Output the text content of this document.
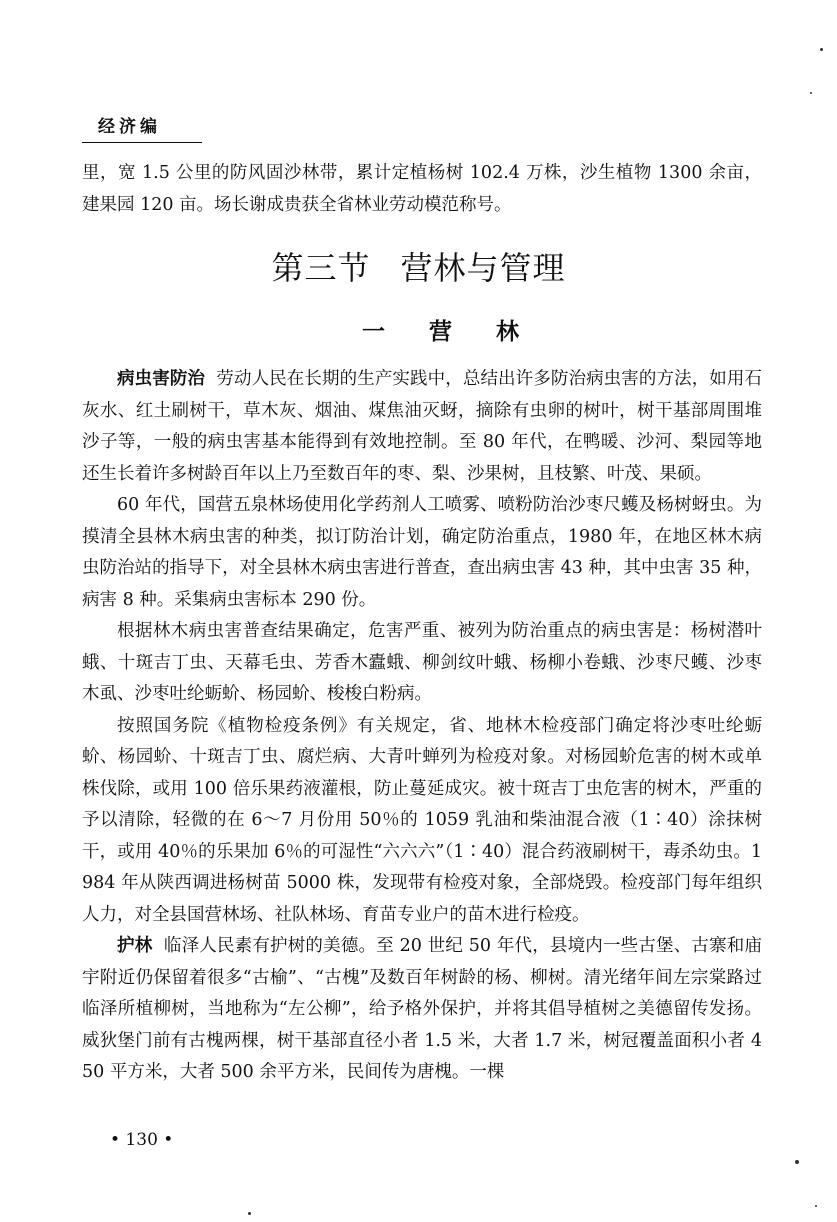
经济编

里，宽 1.5 公里的防风固沙林带，累计定植杨树 102.4 万株，沙生植物 1300 余亩，建果园 120 亩。场长谢成贵获全省林业劳动模范称号。

第三节 营林与管理
一营林

病虫害防治 劳动人民在长期的生产实践中，总结出许多防治病虫害的方法，如用石灰水、红土刷树干，草木灰、烟油、煤焦油灭蚜，摘除有虫卵的树叶，树干基部周围堆沙子等，一般的病虫害基本能得到有效地控制。至 80 年代，在鸭暖、沙河、梨园等地还生长着许多树龄百年以上乃至数百年的枣、梨、沙果树，且枝繁、叶茂、果硕。

60 年代，国营五泉林场使用化学药剂人工喷雾、喷粉防治沙枣尺蠖及杨树蚜虫。为摸清全县林木病虫害的种类，拟订防治计划，确定防治重点，1980 年，在地区林木病虫防治站的指导下，对全县林木病虫害进行普查，查出病虫害 43 种，其中虫害 35 种，病害 8 种。采集病虫害标本 290 份。

根据林木病虫害普查结果确定，危害严重、被列为防治重点的病虫害是：杨树潜叶蛾、十斑吉丁虫、天幕毛虫、芳香木蠹蛾、柳剑纹叶蛾、杨柳小卷蛾、沙枣尺蠖、沙枣木虱、沙枣吐纶蛎蚧、杨园蚧、梭梭白粉病。

按照国务院《植物检疫条例》有关规定，省、地林木检疫部门确定将沙枣吐纶蛎蚧、杨园蚧、十斑吉丁虫、腐烂病、大青叶蝉列为检疫对象。对杨园蚧危害的树木或单株伐除，或用 100 倍乐果药液灌根，防止蔓延成灾。被十斑吉丁虫危害的树木，严重的予以清除，轻微的在 6～7 月份用 50％的 1059 乳油和柴油混合液（1∶40）涂抹树干，或用 40％的乐果加 6％的可湿性“六六六”（1∶40）混合药液刷树干，毒杀幼虫。1984 年从陕西调进杨树苗 5000 株，发现带有检疫对象，全部烧毁。检疫部门每年组织人力，对全县国营林场、社队林场、育苗专业户的苗木进行检疫。

护林 临泽人民素有护树的美德。至 20 世纪 50 年代，县境内一些古堡、古寨和庙宇附近仍保留着很多“古榆”、“古槐”及数百年树龄的杨、柳树。清光绪年间左宗棠路过临泽所植柳树，当地称为“左公柳”，给予格外保护，并将其倡导植树之美德留传发扬。威狄堡门前有古槐两棵，树干基部直径小者 1.5 米，大者 1.7 米，树冠覆盖面积小者 450 平方米，大者 500 余平方米，民间传为唐槐。一棵

• 130 •
